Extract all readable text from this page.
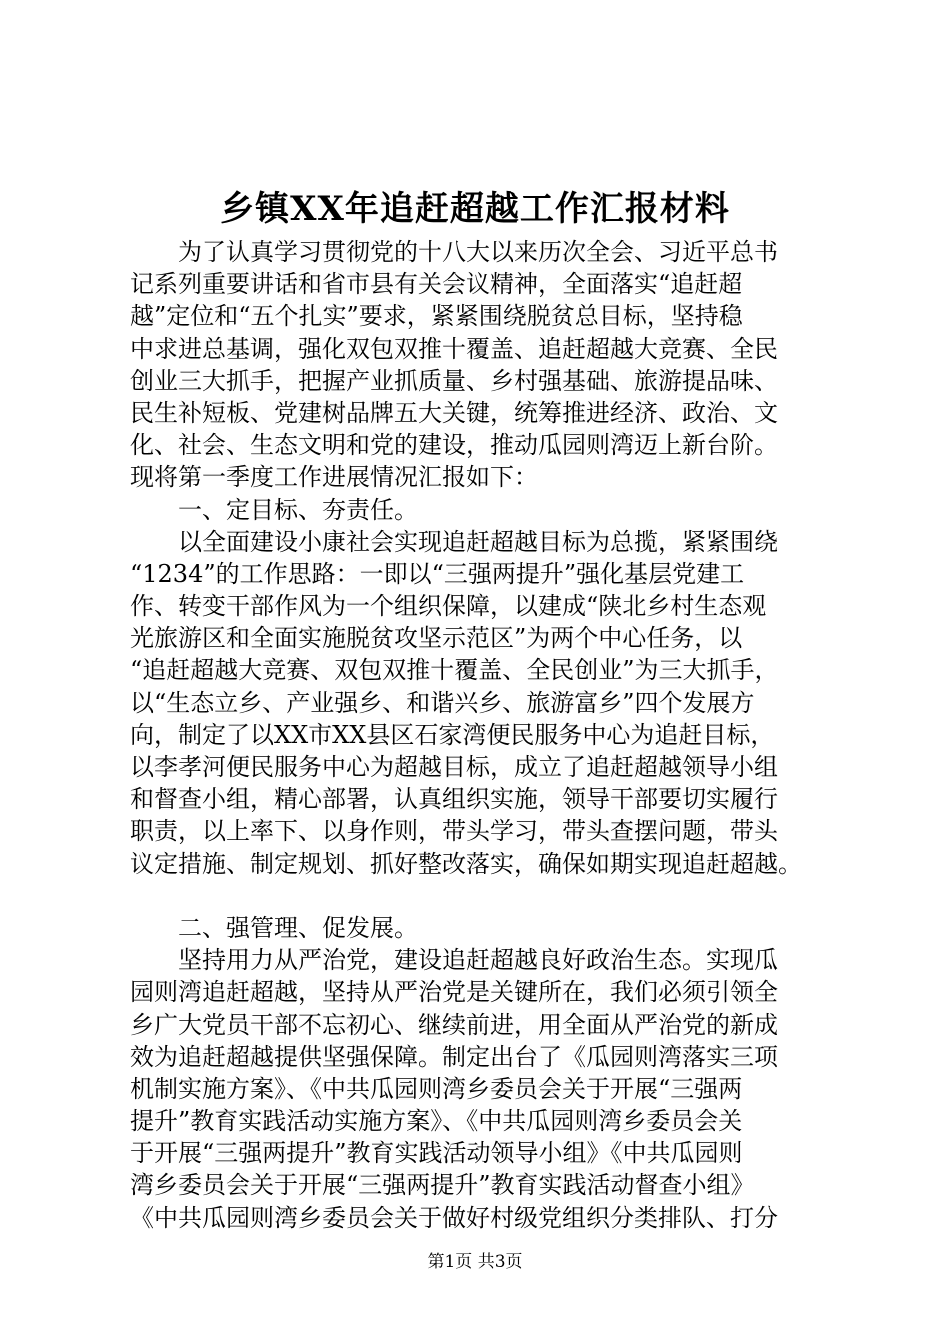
乡镇XX年追赶超越工作汇报材料
为了认真学习贯彻党的十八大以来历次全会、习近平总书
记系列重要讲话和省市县有关会议精神，全面落实“追赶超
越”定位和“五个扎实”要求，紧紧围绕脱贫总目标，坚持稳
中求进总基调，强化双包双推十覆盖、追赶超越大竞赛、全民
创业三大抓手，把握产业抓质量、乡村强基础、旅游提品味、
民生补短板、党建树品牌五大关键，统筹推进经济、政治、文
化、社会、生态文明和党的建设，推动瓜园则湾迈上新台阶。
现将第一季度工作进展情况汇报如下：
一、定目标、夯责任。
以全面建设小康社会实现追赶超越目标为总揽，紧紧围绕
“1234”的工作思路：一即以“三强两提升”强化基层党建工
作、转变干部作风为一个组织保障，以建成“陕北乡村生态观
光旅游区和全面实施脱贫攻坚示范区”为两个中心任务，以
“追赶超越大竞赛、双包双推十覆盖、全民创业”为三大抓手，
以“生态立乡、产业强乡、和谐兴乡、旅游富乡”四个发展方
向，制定了以XX市XX县区石家湾便民服务中心为追赶目标，
以李孝河便民服务中心为超越目标，成立了追赶超越领导小组
和督查小组，精心部署，认真组织实施，领导干部要切实履行
职责，以上率下、以身作则，带头学习，带头查摆问题，带头
议定措施、制定规划、抓好整改落实，确保如期实现追赶超越。
二、强管理、促发展。
坚持用力从严治党，建设追赶超越良好政治生态。实现瓜
园则湾追赶超越，坚持从严治党是关键所在，我们必须引领全
乡广大党员干部不忘初心、继续前进，用全面从严治党的新成
效为追赶超越提供坚强保障。制定出台了《瓜园则湾落实三项
机制实施方案》、《中共瓜园则湾乡委员会关于开展“三强两
提升”教育实践活动实施方案》、《中共瓜园则湾乡委员会关
于开展“三强两提升”教育实践活动领导小组》《中共瓜园则
湾乡委员会关于开展“三强两提升”教育实践活动督查小组》
《中共瓜园则湾乡委员会关于做好村级党组织分类排队、打分
第1页 共3页
